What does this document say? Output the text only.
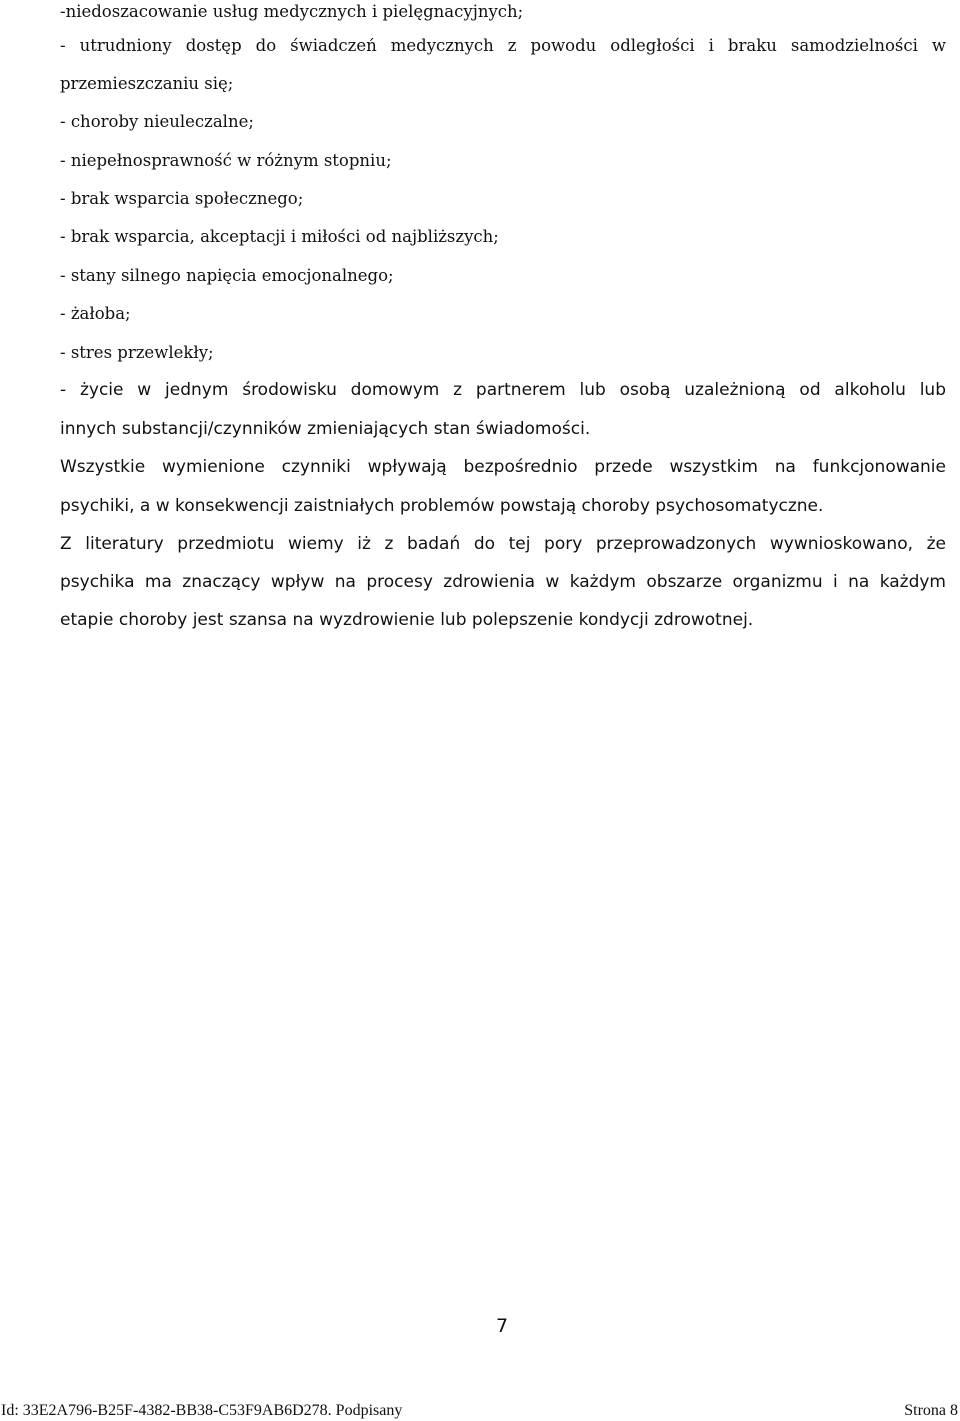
-niedoszacowanie usług medycznych i pielęgnacyjnych;
- utrudniony dostęp do świadczeń medycznych z powodu odległości i braku samodzielności w
przemieszczaniu się;
- choroby nieuleczalne;
- niepełnosprawność w różnym stopniu;
- brak wsparcia społecznego;
- brak wsparcia, akceptacji i miłości od najbliższych;
- stany silnego napięcia emocjonalnego;
- żałoba;
- stres przewlekły;
- życie w jednym środowisku domowym z partnerem lub osobą uzależnioną od alkoholu lub
innych substancji/czynników zmieniających stan świadomości.
Wszystkie wymienione czynniki wpływają bezpośrednio przede wszystkim na funkcjonowanie
psychiki, a w konsekwencji zaistniałych problemów powstają choroby psychosomatyczne.
Z literatury przedmiotu wiemy iż z badań do tej pory przeprowadzonych wywnioskowano, że
psychika ma znaczący wpływ na procesy zdrowienia w każdym obszarze organizmu i na każdym
etapie choroby jest szansa na wyzdrowienie lub polepszenie kondycji zdrowotnej.
7
Id: 33E2A796-B25F-4382-BB38-C53F9AB6D278. Podpisany	Strona 8
